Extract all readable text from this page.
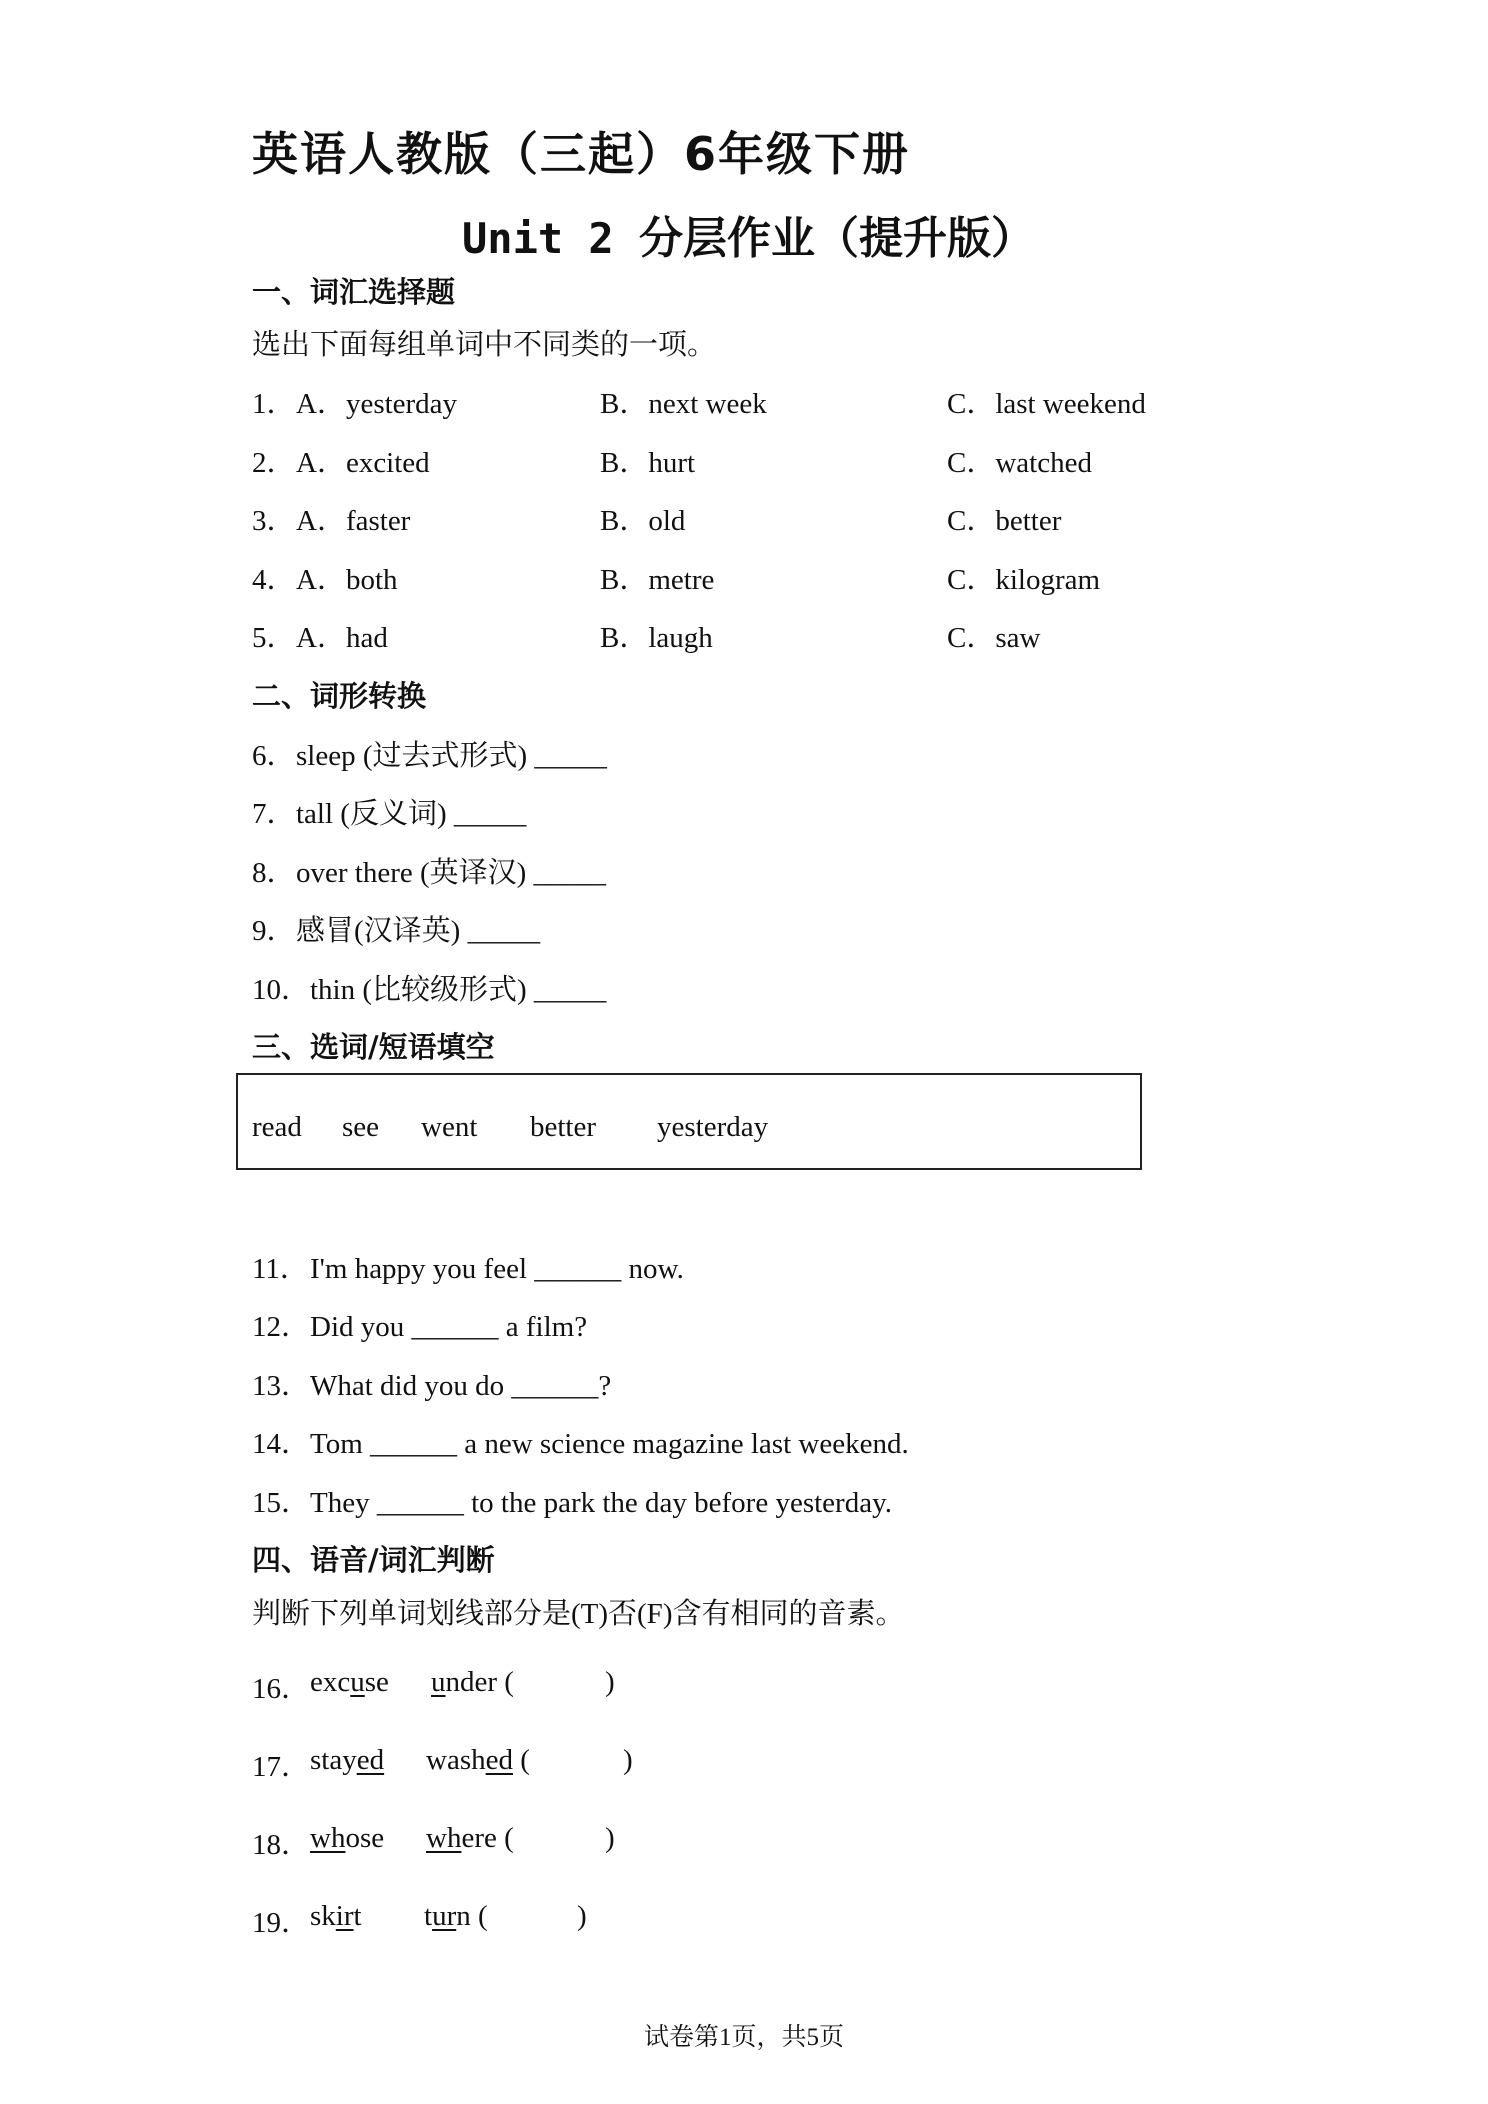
英语人教版（三起）6年级下册
Unit 2 分层作业（提升版）
一、词汇选择题
选出下面每组单词中不同类的一项。
1． A．yesterday	B．next week	C．last weekend
2． A．excited	B．hurt	C．watched
3． A．faster	B．old	C．better
4． A．both	B．metre	C．kilogram
5． A．had	B．laugh	C．saw
二、词形转换
6．sleep (过去式形式) _____
7．tall (反义词) _____
8．over there (英译汉) _____
9．感冒(汉译英) _____
10．thin (比较级形式) _____
三、选词/短语填空
read see went better yesterday
11．I'm happy you feel ______ now.
12．Did you ______ a film?
13．What did you do ______?
14．Tom ______ a new science magazine last weekend.
15．They ______ to the park the day before yesterday.
四、语音/词汇判断
判断下列单词划线部分是(T)否(F)含有相同的音素。
16． excuse under (	)
17． stayed washed (	)
18． whose where (	)
19． skirt turn (	)
试卷第1页，共5页
